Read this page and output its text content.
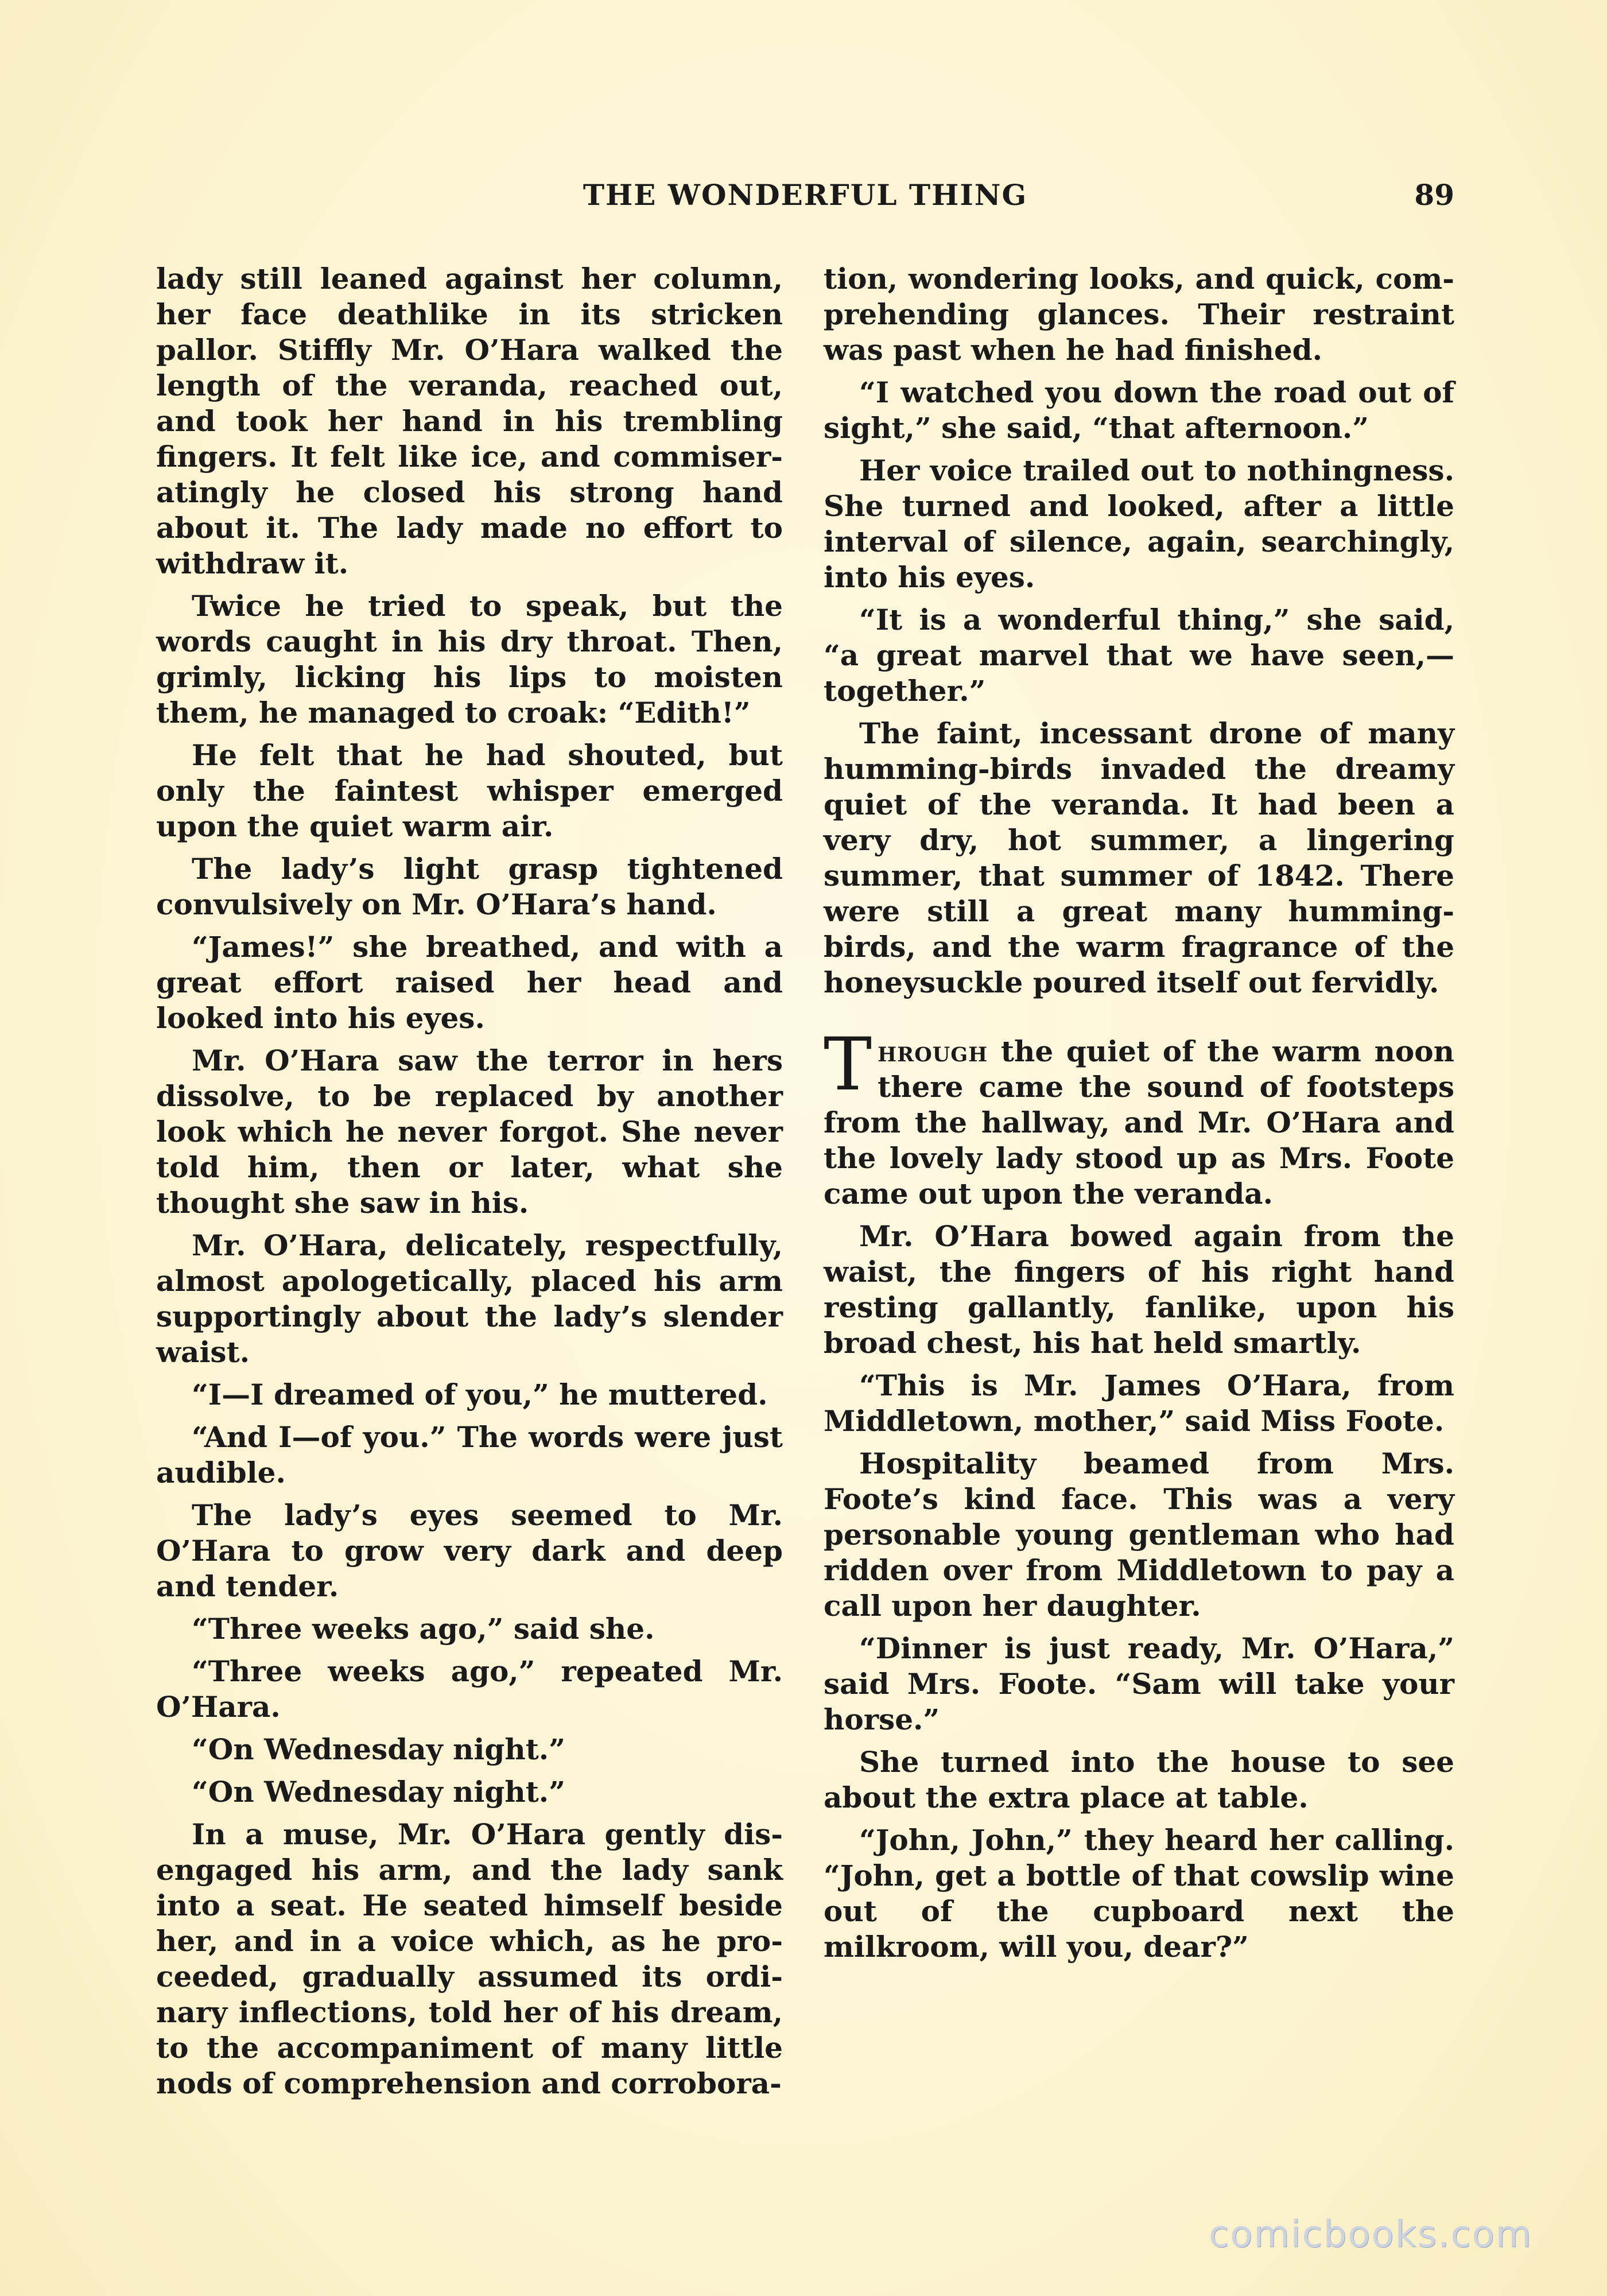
THE WONDERFUL THING	89

lady still leaned against her column, her face deathlike in its stricken pallor. Stiffly Mr. O’Hara walked the length of the veranda, reached out, and took her hand in his trembling fingers. It felt like ice, and commiseratingly he closed his strong hand about it. The lady made no effort to withdraw it.

Twice he tried to speak, but the words caught in his dry throat. Then, grimly, licking his lips to moisten them, he managed to croak: “Edith!”

He felt that he had shouted, but only the faintest whisper emerged upon the quiet warm air.

The lady’s light grasp tightened convulsively on Mr. O’Hara’s hand.

“James!” she breathed, and with a great effort raised her head and looked into his eyes.

Mr. O’Hara saw the terror in hers dissolve, to be replaced by another look which he never forgot. She never told him, then or later, what she thought she saw in his.

Mr. O’Hara, delicately, respectfully, almost apologetically, placed his arm supportingly about the lady’s slender waist.

“I—I dreamed of you,” he muttered.

“And I—of you.” The words were just audible.

The lady’s eyes seemed to Mr. O’Hara to grow very dark and deep and tender.

“Three weeks ago,” said she.

“Three weeks ago,” repeated Mr. O’Hara.

“On Wednesday night.”

“On Wednesday night.”

In a muse, Mr. O’Hara gently disengaged his arm, and the lady sank into a seat. He seated himself beside her, and in a voice which, as he proceeded, gradually assumed its ordinary inflections, told her of his dream, to the accompaniment of many little nods of comprehension and corrobora-

tion, wondering looks, and quick, comprehending glances. Their restraint was past when he had finished.

“I watched you down the road out of sight,” she said, “that afternoon.”

Her voice trailed out to nothingness. She turned and looked, after a little interval of silence, again, searchingly, into his eyes.

“It is a wonderful thing,” she said, “a great marvel that we have seen,—together.”

The faint, incessant drone of many humming-birds invaded the dreamy quiet of the veranda. It had been a very dry, hot summer, a lingering summer, that summer of 1842. There were still a great many humming-birds, and the warm fragrance of the honeysuckle poured itself out fervidly.

Through the quiet of the warm noon there came the sound of footsteps from the hallway, and Mr. O’Hara and the lovely lady stood up as Mrs. Foote came out upon the veranda.

Mr. O’Hara bowed again from the waist, the fingers of his right hand resting gallantly, fanlike, upon his broad chest, his hat held smartly.

“This is Mr. James O’Hara, from Middletown, mother,” said Miss Foote.

Hospitality beamed from Mrs. Foote’s kind face. This was a very personable young gentleman who had ridden over from Middletown to pay a call upon her daughter.

“Dinner is just ready, Mr. O’Hara,” said Mrs. Foote. “Sam will take your horse.”

She turned into the house to see about the extra place at table.

“John, John,” they heard her calling. “John, get a bottle of that cowslip wine out of the cupboard next the milkroom, will you, dear?”

comicbooks.com
